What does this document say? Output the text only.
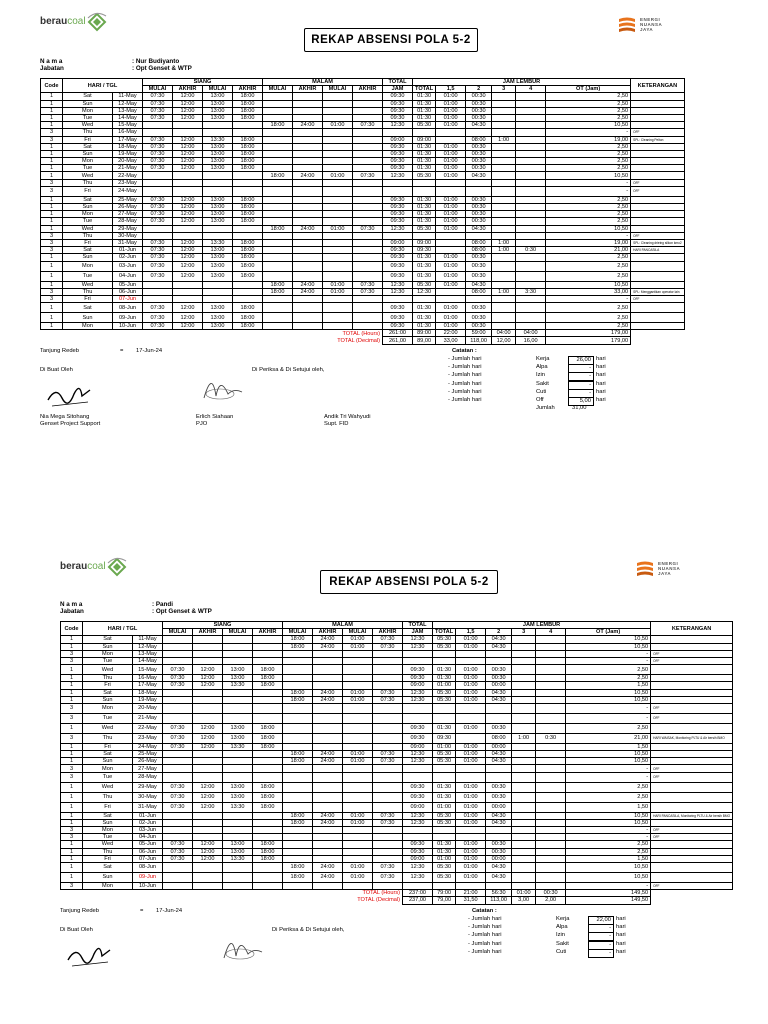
beraucoal	ENERGI
NUANSA
JAYA
REKAP ABSENSI POLA 5-2
N a m a	: Nur Budiyanto
Jabatan	: Opt Genset & WTP
Code	HARI / TGL		SIANG				MALAM				TOTAL	JAM LEMBUR						KETERANGAN
			MULAI	AKHIR	MULAI	AKHIR	MULAI	AKHIR	MULAI	AKHIR	JAM	TOTAL	1,5	2	3	4	OT (Jam)	
1	Sat	11-May	07:30	12:00	13:00	18:00					09:30	01:30	01:00	00:30			2,50	
1	Sun	12-May	07:30	12:00	13:00	18:00					09:30	01:30	01:00	00:30			2,50	
1	Mon	13-May	07:30	12:00	13:00	18:00					09:30	01:30	01:00	00:30			2,50	
1	Tue	14-May	07:30	12:00	13:00	18:00					09:30	01:30	01:00	00:30			2,50	
1	Wed	15-May					18:00	24:00	01:00	07:30	12:30	05:30	01:00	04:30			10,50	
3	Thu	16-May															-	OFF
3	Fri	17-May	07:30	12:00	13:30	18:00					09:00	09:00		08:00	1:00		19,00	SPL: Cleaning Pelton
1	Sat	18-May	07:30	12:00	13:00	18:00					09:30	01:30	01:00	00:30			2,50	
1	Sun	19-May	07:30	12:00	13:00	18:00					09:30	01:30	01:00	00:30			2,50	
1	Mon	20-May	07:30	12:00	13:00	18:00					09:30	01:30	01:00	00:30			2,50	
1	Tue	21-May	07:30	12:00	13:00	18:00					09:30	01:30	01:00	00:30			2,50	
1	Wed	22-May					18:00	24:00	01:00	07:30	12:30	05:30	01:00	04:30			10,50	
3	Thu	23-May															-	OFF
3	Fri	24-May															-	OFF
1	Sat	25-May	07:30	12:00	13:00	18:00					09:30	01:30	01:00	00:30			2,50	
1	Sun	26-May	07:30	12:00	13:00	18:00					09:30	01:30	01:00	00:30			2,50	
1	Mon	27-May	07:30	12:00	13:00	18:00					09:30	01:30	01:00	00:30			2,50	
1	Tue	28-May	07:30	12:00	13:00	18:00					09:30	01:30	01:00	00:30			2,50	
1	Wed	29-May					18:00	24:00	01:00	07:30	12:30	05:30	01:00	04:30			10,50	
3	Thu	30-May															-	OFF
3	Fri	31-May	07:30	12:00	13:30	18:00					09:00	09:00		08:00	1:00		19,00	SPL: Cleaning drieing silkon kmo2
3	Sat	01-Jun	07:30	12:00	13:00	18:00					09:30	09:30		08:00	1:00	0:30	21,00	HARI PANCASILA
1	Sun	02-Jun	07:30	12:00	13:00	18:00					09:30	01:30	01:00	00:30			2,50	
1	Mon	03-Jun	07:30	12:00	13:00	18:00					09:30	01:30	01:00	00:30			2,50	
1	Tue	04-Jun	07:30	12:00	13:00	18:00					09:30	01:30	01:00	00:30			2,50	
1	Wed	05-Jun					18:00	24:00	01:00	07:30	12:30	05:30	01:00	04:30			10,50	
3	Thu	06-Jun					18:00	24:00	01:00	07:30	12:30	12:30		08:00	1:00	3:30	33,00	SPL: Menggantikan operator lain
3	Fri	07-Jun															-	OFF
1	Sat	08-Jun	07:30	12:00	13:00	18:00					09:30	01:30	01:00	00:30			2,50	
1	Sun	09-Jun	07:30	12:00	13:00	18:00					09:30	01:30	01:00	00:30			2,50	
1	Mon	10-Jun	07:30	12:00	13:00	18:00					09:30	01:30	01:00	00:30			2,50	
TOTAL (Hours)											261:00	89:00	22:00	59:00	04:00	04:00	179,00	
TOTAL (Decimal)											261,00	89,00	33,00	118,00	12,00	16,00	179,00	
Tanjung Redeb	= 17-Jun-24	Catatan :
Di Buat Oleh	Di Periksa & Di Setujui oleh,
- Jumlah hari	Kerja	26,00 hari
- Jumlah hari	Alpa	- hari
- Jumlah hari	Izin	- hari
- Jumlah hari	Sakit	- hari
- Jumlah hari	Cuti	- hari
- Jumlah hari	Off	5,00 hari
Jumlah	31,00
Nia Mega Sitohang
Genset Project Support
Erlich Siahaan
PJO
Andik Tri Wahyudi
Supt. FID
beraucoal	ENERGI
NUANSA
JAYA
REKAP ABSENSI POLA 5-2
N a m a	: Pandi
Jabatan	: Opt Genset & WTP
Code	HARI / TGL		SIANG				MALAM				TOTAL	JAM LEMBUR						KETERANGAN
			MULAI	AKHIR	MULAI	AKHIR	MULAI	AKHIR	MULAI	AKHIR	JAM	TOTAL	1,5	2	3	4	OT (Jam)	
1	Sat	11-May					18:00	24:00	01:00	07:30	12:30	05:30	01:00	04:30			10,50	
1	Sun	12-May					18:00	24:00	01:00	07:30	12:30	05:30	01:00	04:30			10,50	
3	Mon	13-May															-	OFF
3	Tue	14-May															-	OFF
1	Wed	15-May	07:30	12:00	13:00	18:00					09:30	01:30	01:00	00:30			2,50	
1	Thu	16-May	07:30	12:00	13:00	18:00					09:30	01:30	01:00	00:30			2,50	
1	Fri	17-May	07:30	12:00	13:30	18:00					09:00	01:00	01:00	00:00			1,50	
1	Sat	18-May					18:00	24:00	01:00	07:30	12:30	05:30	01:00	04:30			10,50	
1	Sun	19-May					18:00	24:00	01:00	07:30	12:30	05:30	01:00	04:30			10,50	
3	Mon	20-May															-	OFF
3	Tue	21-May															-	OFF
1	Wed	22-May	07:30	12:00	13:00	18:00					09:30	01:30	01:00	00:30			2,50	
3	Thu	23-May	07:30	12:00	13:00	18:00					09:30	09:30		08:00	1:00	0:30	21,00	HARI WAISAK, Monitoring PLTU & Air bersih BMO
1	Fri	24-May	07:30	12:00	13:30	18:00					09:00	01:00	01:00	00:00			1,50	
1	Sat	25-May					18:00	24:00	01:00	07:30	12:30	05:30	01:00	04:30			10,50	
1	Sun	26-May					18:00	24:00	01:00	07:30	12:30	05:30	01:00	04:30			10,50	
3	Mon	27-May															-	OFF
3	Tue	28-May															-	OFF
1	Wed	29-May	07:30	12:00	13:00	18:00					09:30	01:30	01:00	00:30			2,50	
1	Thu	30-May	07:30	12:00	13:00	18:00					09:30	01:30	01:00	00:30			2,50	
1	Fri	31-May	07:30	12:00	13:30	18:00					09:00	01:00	01:00	00:00			1,50	
1	Sat	01-Jun					18:00	24:00	01:00	07:30	12:30	05:30	01:00	04:30			10,50	HARI PANCASILA, Monitoring PLTU & Air bersih BMO
1	Sun	02-Jun					18:00	24:00	01:00	07:30	12:30	05:30	01:00	04:30			10,50	
3	Mon	03-Jun															-	OFF
3	Tue	04-Jun															-	OFF
1	Wed	05-Jun	07:30	12:00	13:00	18:00					09:30	01:30	01:00	00:30			2,50	
1	Thu	06-Jun	07:30	12:00	13:00	18:00					09:30	01:30	01:00	00:30			2,50	
1	Fri	07-Jun	07:30	12:00	13:30	18:00					09:00	01:00	01:00	00:00			1,50	
1	Sat	08-Jun					18:00	24:00	01:00	07:30	12:30	05:30	01:00	04:30			10,50	
1	Sun	09-Jun					18:00	24:00	01:00	07:30	12:30	05:30	01:00	04:30			10,50	
3	Mon	10-Jun															-	OFF
TOTAL (Hours)											237:00	79:00	21:00	56:30	01:00	00:30	149,50	
TOTAL (Decimal)											237,00	79,00	31,50	113,00	3,00	2,00	149,50	
Tanjung Redeb	= 17-Jun-24	Catatan :
Di Buat Oleh	Di Periksa & Di Setujui oleh,
- Jumlah hari	Kerja	22,00 hari
- Jumlah hari	Alpa	- hari
- Jumlah hari	Izin	- hari
- Jumlah hari	Sakit	- hari
- Jumlah hari	Cuti	- hari
